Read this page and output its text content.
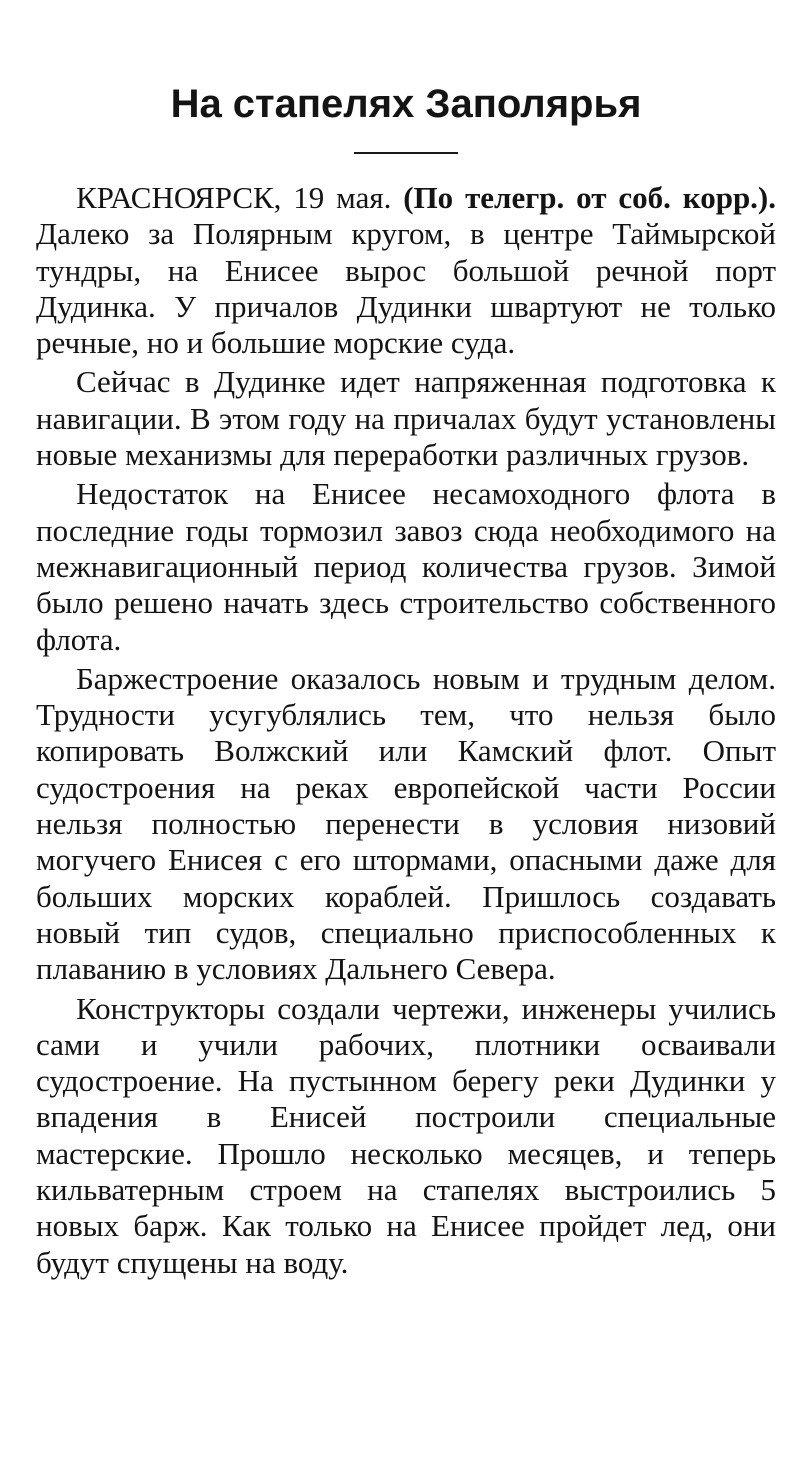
На стапелях Заполярья

КРАСНОЯРСК, 19 мая. (По телегр. от соб. корр.). Далеко за Полярным кругом, в центре Таймырской тундры, на Енисее вырос большой речной порт Дудинка. У причалов Дудинки швартуют не только речные, но и большие морские суда.

Сейчас в Дудинке идет напряженная подготовка к навигации. В этом году на причалах будут установлены новые механизмы для переработки различных грузов.

Недостаток на Енисее несамоходного флота в последние годы тормозил завоз сюда необходимого на межнавигационный период количества грузов. Зимой было решено начать здесь строительство собственного флота.

Баржестроение оказалось новым и трудным делом. Трудности усугублялись тем, что нельзя было копировать Волжский или Камский флот. Опыт судостроения на реках европейской части России нельзя полностью перенести в условия низовий могучего Енисея с его штормами, опасными даже для больших морских кораблей. Пришлось создавать новый тип судов, специально приспособленных к плаванию в условиях Дальнего Севера.

Конструкторы создали чертежи, инженеры учились сами и учили рабочих, плотники осваивали судостроение. На пустынном берегу реки Дудинки у впадения в Енисей построили специальные мастерские. Прошло несколько месяцев, и теперь кильватерным строем на стапелях выстроились 5 новых барж. Как только на Енисее пройдет лед, они будут спущены на воду.
